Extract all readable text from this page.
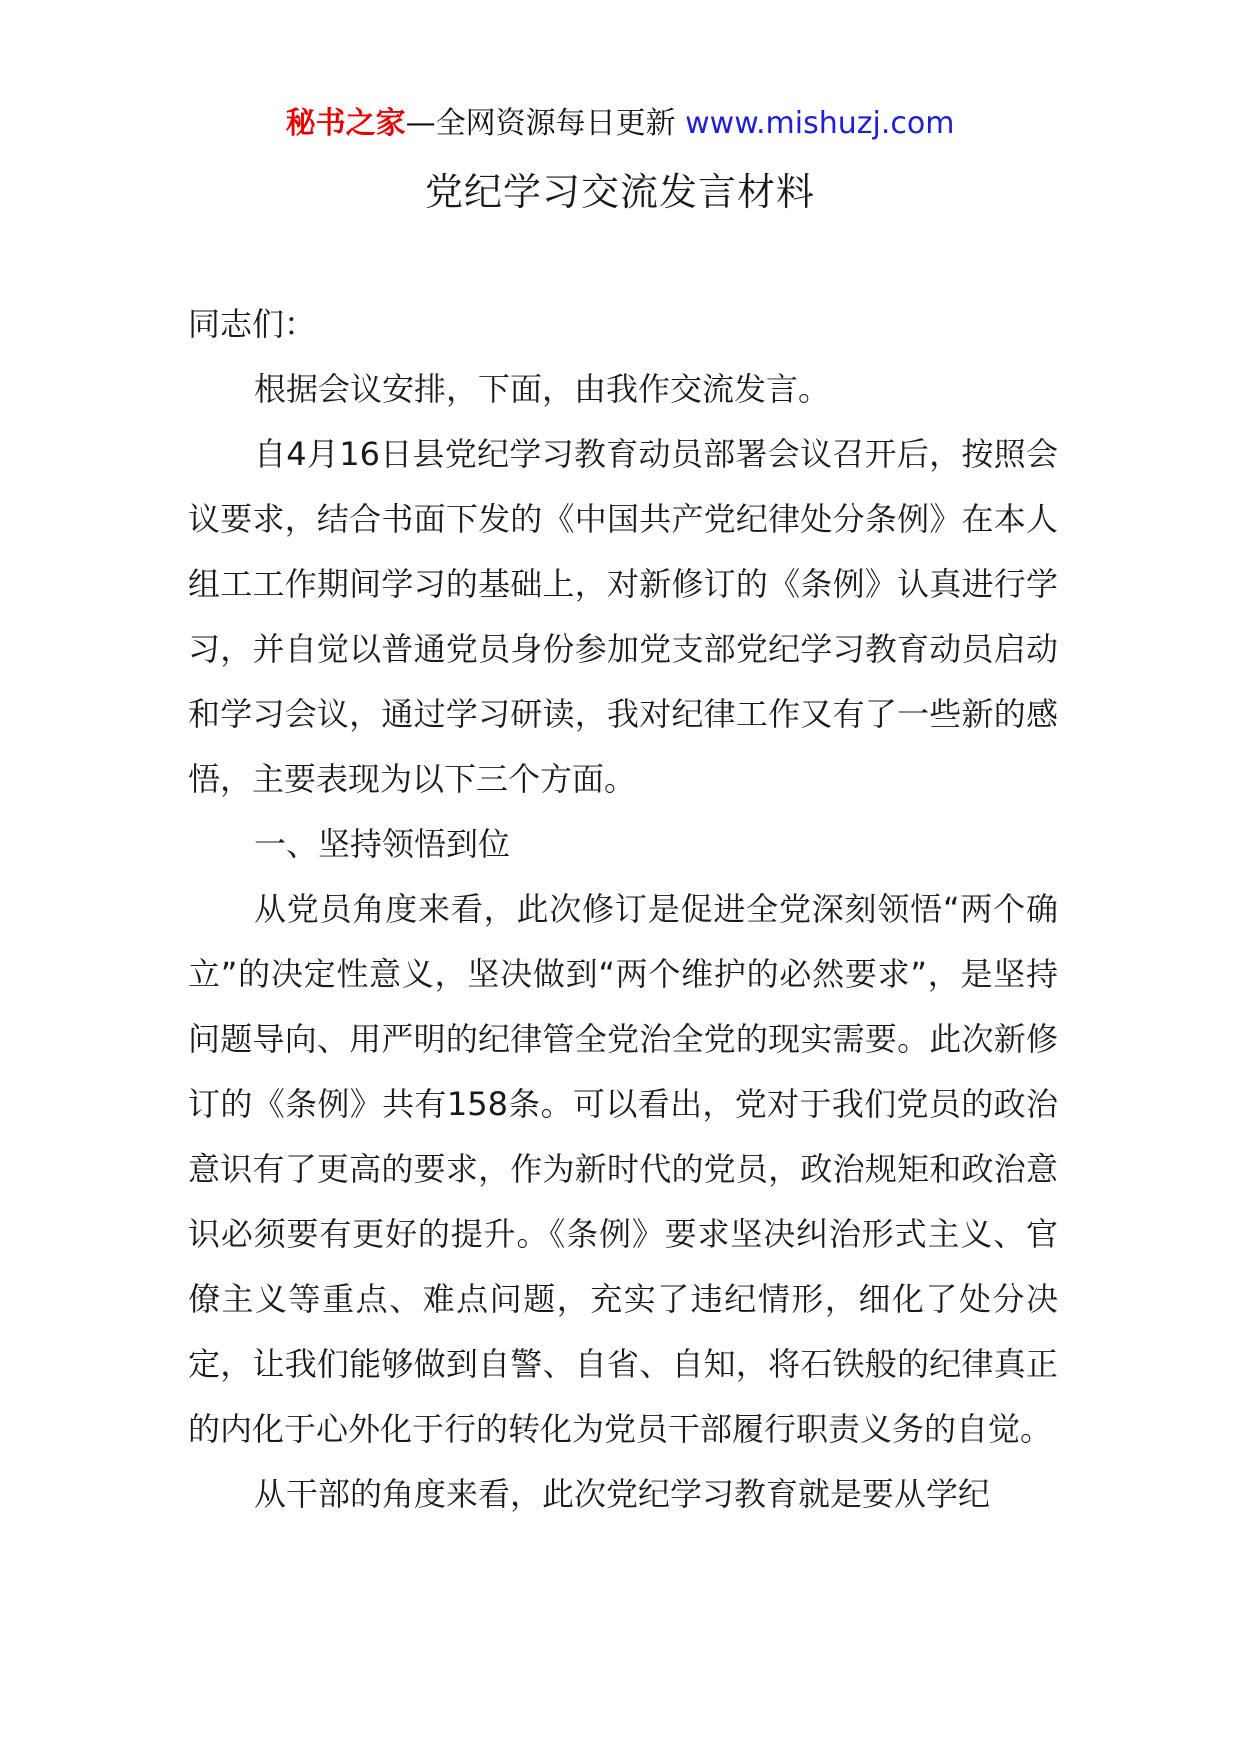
秘书之家—全网资源每日更新 www.mishuzj.com
党纪学习交流发言材料

同志们：

根据会议安排，下面，由我作交流发言。

自4月16日县党纪学习教育动员部署会议召开后，按照会议要求，结合书面下发的《中国共产党纪律处分条例》在本人组工工作期间学习的基础上，对新修订的《条例》认真进行学习，并自觉以普通党员身份参加党支部党纪学习教育动员启动和学习会议，通过学习研读，我对纪律工作又有了一些新的感悟，主要表现为以下三个方面。

一、坚持领悟到位

从党员角度来看，此次修订是促进全党深刻领悟“两个确立”的决定性意义，坚决做到“两个维护的必然要求”，是坚持问题导向、用严明的纪律管全党治全党的现实需要。此次新修订的《条例》共有158条。可以看出，党对于我们党员的政治意识有了更高的要求，作为新时代的党员，政治规矩和政治意识必须要有更好的提升。《条例》要求坚决纠治形式主义、官僚主义等重点、难点问题，充实了违纪情形，细化了处分决定，让我们能够做到自警、自省、自知，将石铁般的纪律真正的内化于心外化于行的转化为党员干部履行职责义务的自觉。

从干部的角度来看，此次党纪学习教育就是要从学纪
